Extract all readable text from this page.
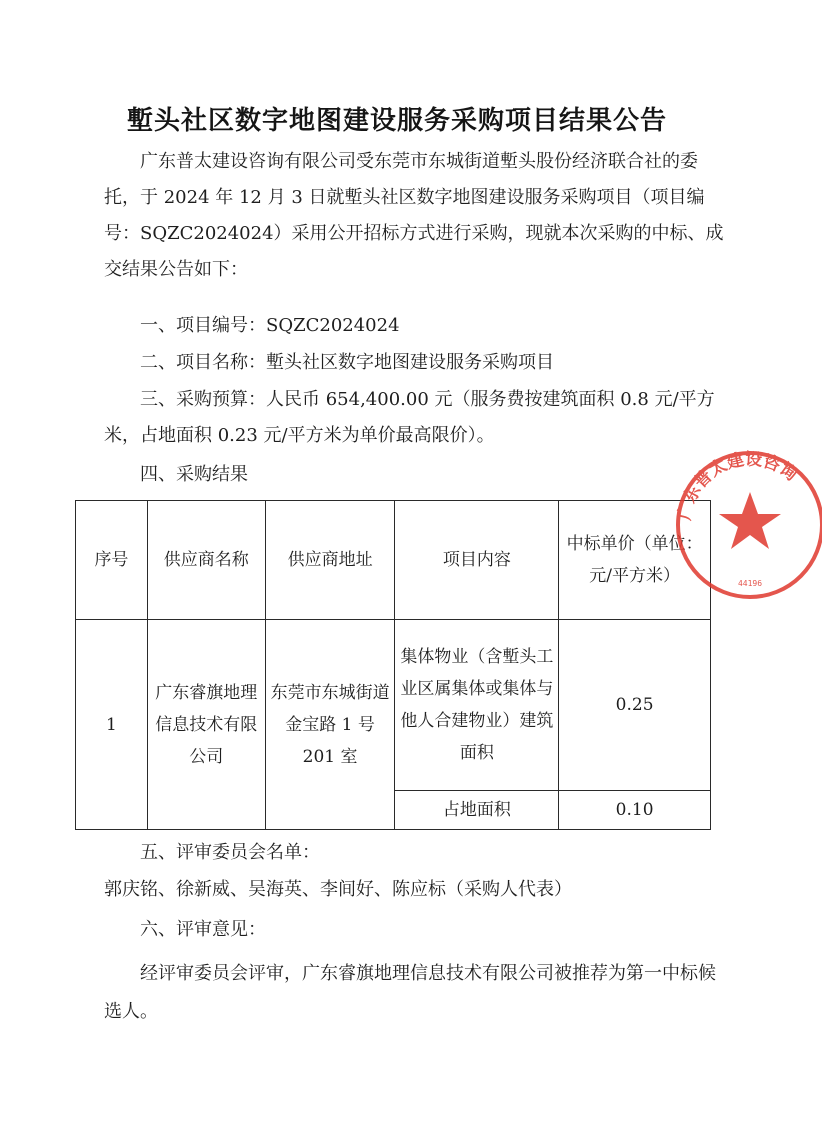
塹头社区数字地图建设服务采购项目结果公告
广东普太建设咨询有限公司受东莞市东城街道塹头股份经济联合社的委托，于 2024 年 12 月 3 日就塹头社区数字地图建设服务采购项目（项目编号：SQZC2024024）采用公开招标方式进行采购，现就本次采购的中标、成交结果公告如下：
一、项目编号：SQZC2024024
二、项目名称：塹头社区数字地图建设服务采购项目
三、采购预算：人民币 654,400.00 元（服务费按建筑面积 0.8 元/平方米，占地面积 0.23 元/平方米为单价最高限价）。
四、采购结果
序号	供应商名称	供应商地址	项目内容	中标单价（单位：元/平方米）
1	广东睿旗地理信息技术有限公司	东莞市东城街道金宝路 1 号 201 室	集体物业（含塹头工业区属集体或集体与他人合建物业）建筑面积	0.25
			占地面积	0.10
五、评审委员会名单：
郭庆铭、徐新威、吴海英、李间好、陈应标（采购人代表）
六、评审意见：
经评审委员会评审，广东睿旗地理信息技术有限公司被推荐为第一中标候选人。
广东普太建设咨询
44196
